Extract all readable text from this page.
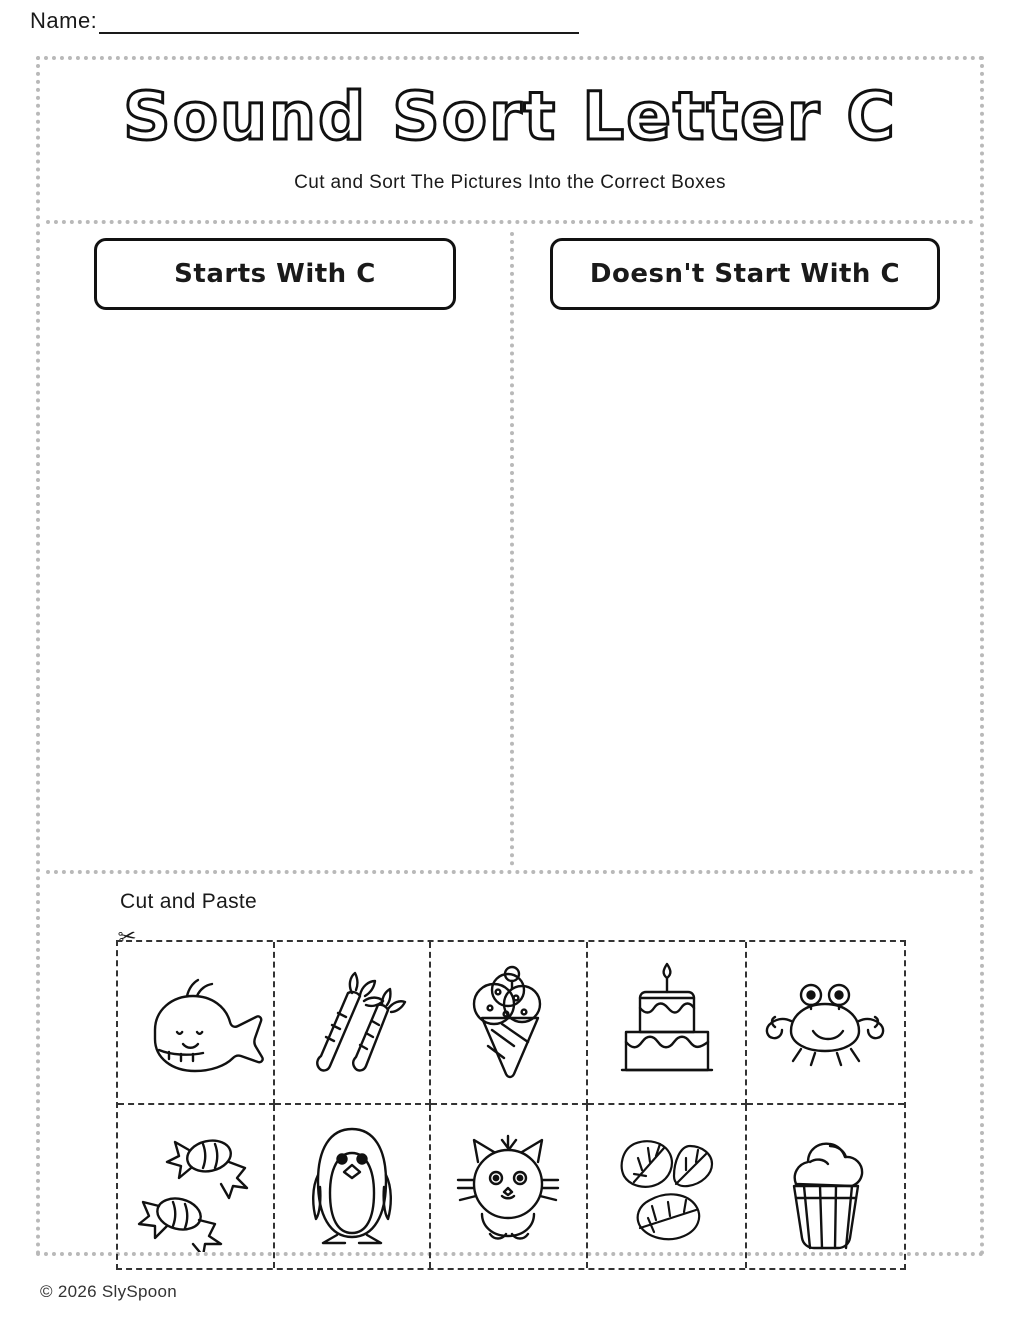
Name:
Sound Sort Letter C
Cut and Sort The Pictures Into the Correct Boxes
Starts With C	Doesn't Start With C
Cut and Paste
✂
© 2026 SlySpoon
